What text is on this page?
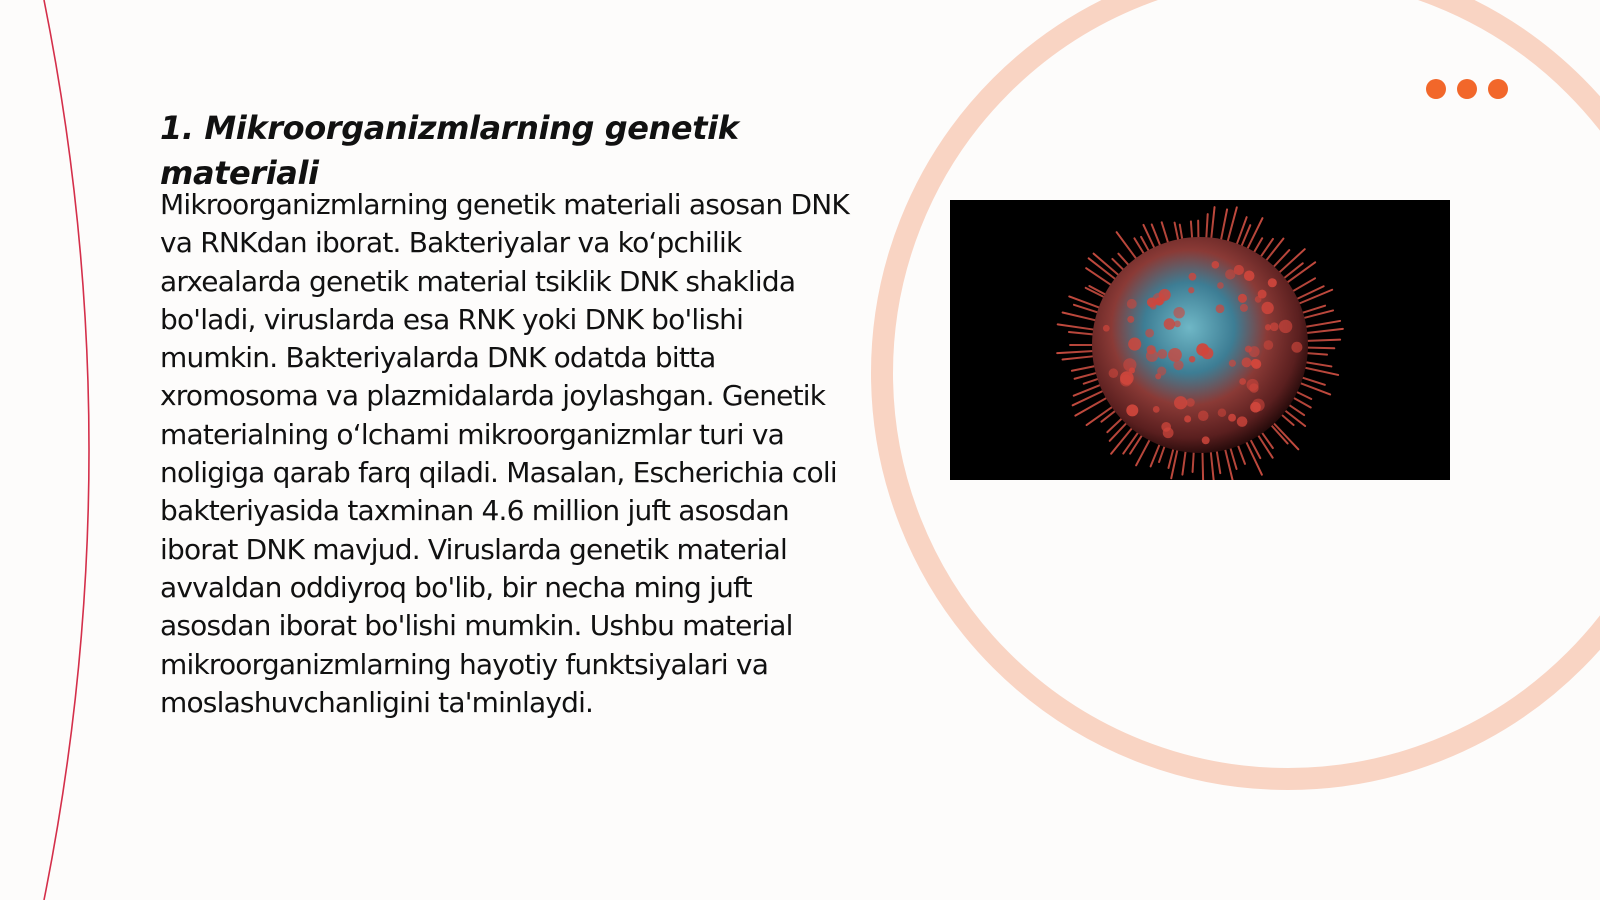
1. Mikroorganizmlarning genetik materiali

Mikroorganizmlarning genetik materiali asosan DNK va RNKdan iborat. Bakteriyalar va ko‘pchilik arxealarda genetik material tsiklik DNK shaklida bo'ladi, viruslarda esa RNK yoki DNK bo'lishi mumkin. Bakteriyalarda DNK odatda bitta xromosoma va plazmidalarda joylashgan. Genetik materialning o‘lchami mikroorganizmlar turi va noligiga qarab farq qiladi. Masalan, Escherichia coli bakteriyasida taxminan 4.6 million juft asosdan iborat DNK mavjud. Viruslarda genetik material avvaldan oddiyroq bo'lib, bir necha ming juft asosdan iborat bo'lishi mumkin. Ushbu material mikroorganizmlarning hayotiy funktsiyalari va moslashuvchanligini ta'minlaydi.
